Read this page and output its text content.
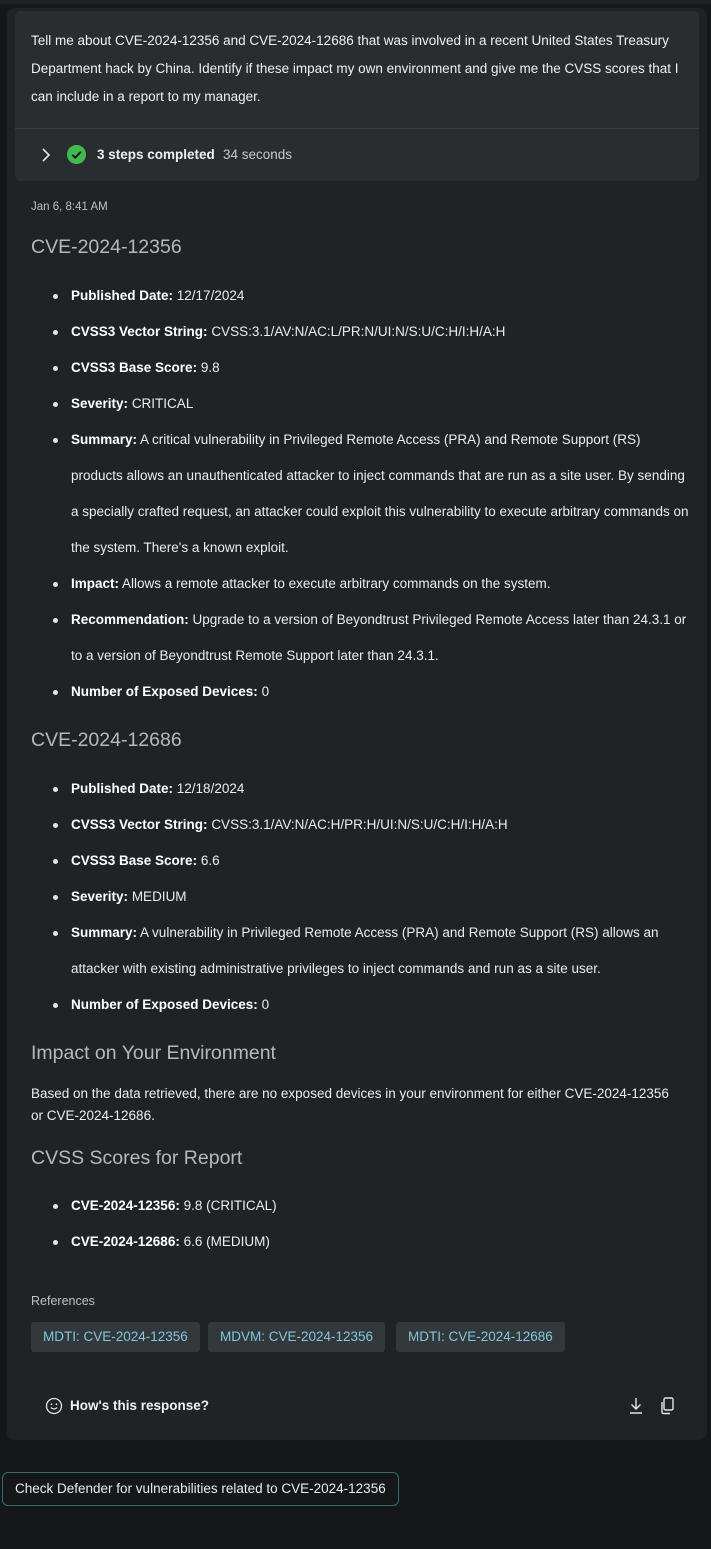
Tell me about CVE-2024-12356 and CVE-2024-12686 that was involved in a recent United States Treasury Department hack by China. Identify if these impact my own environment and give me the CVSS scores that I can include in a report to my manager.
3 steps completed 34 seconds
Jan 6, 8:41 AM
CVE-2024-12356
Published Date: 12/17/2024
CVSS3 Vector String: CVSS:3.1/AV:N/AC:L/PR:N/UI:N/S:U/C:H/I:H/A:H
CVSS3 Base Score: 9.8
Severity: CRITICAL
Summary: A critical vulnerability in Privileged Remote Access (PRA) and Remote Support (RS) products allows an unauthenticated attacker to inject commands that are run as a site user. By sending a specially crafted request, an attacker could exploit this vulnerability to execute arbitrary commands on the system. There's a known exploit.
Impact: Allows a remote attacker to execute arbitrary commands on the system.
Recommendation: Upgrade to a version of Beyondtrust Privileged Remote Access later than 24.3.1 or to a version of Beyondtrust Remote Support later than 24.3.1.
Number of Exposed Devices: 0
CVE-2024-12686
Published Date: 12/18/2024
CVSS3 Vector String: CVSS:3.1/AV:N/AC:H/PR:H/UI:N/S:U/C:H/I:H/A:H
CVSS3 Base Score: 6.6
Severity: MEDIUM
Summary: A vulnerability in Privileged Remote Access (PRA) and Remote Support (RS) allows an attacker with existing administrative privileges to inject commands and run as a site user.
Number of Exposed Devices: 0
Impact on Your Environment
Based on the data retrieved, there are no exposed devices in your environment for either CVE-2024-12356 or CVE-2024-12686.
CVSS Scores for Report
CVE-2024-12356: 9.8 (CRITICAL)
CVE-2024-12686: 6.6 (MEDIUM)
References
MDTI: CVE-2024-12356	MDVM: CVE-2024-12356	MDTI: CVE-2024-12686
How's this response?
Check Defender for vulnerabilities related to CVE-2024-12356
